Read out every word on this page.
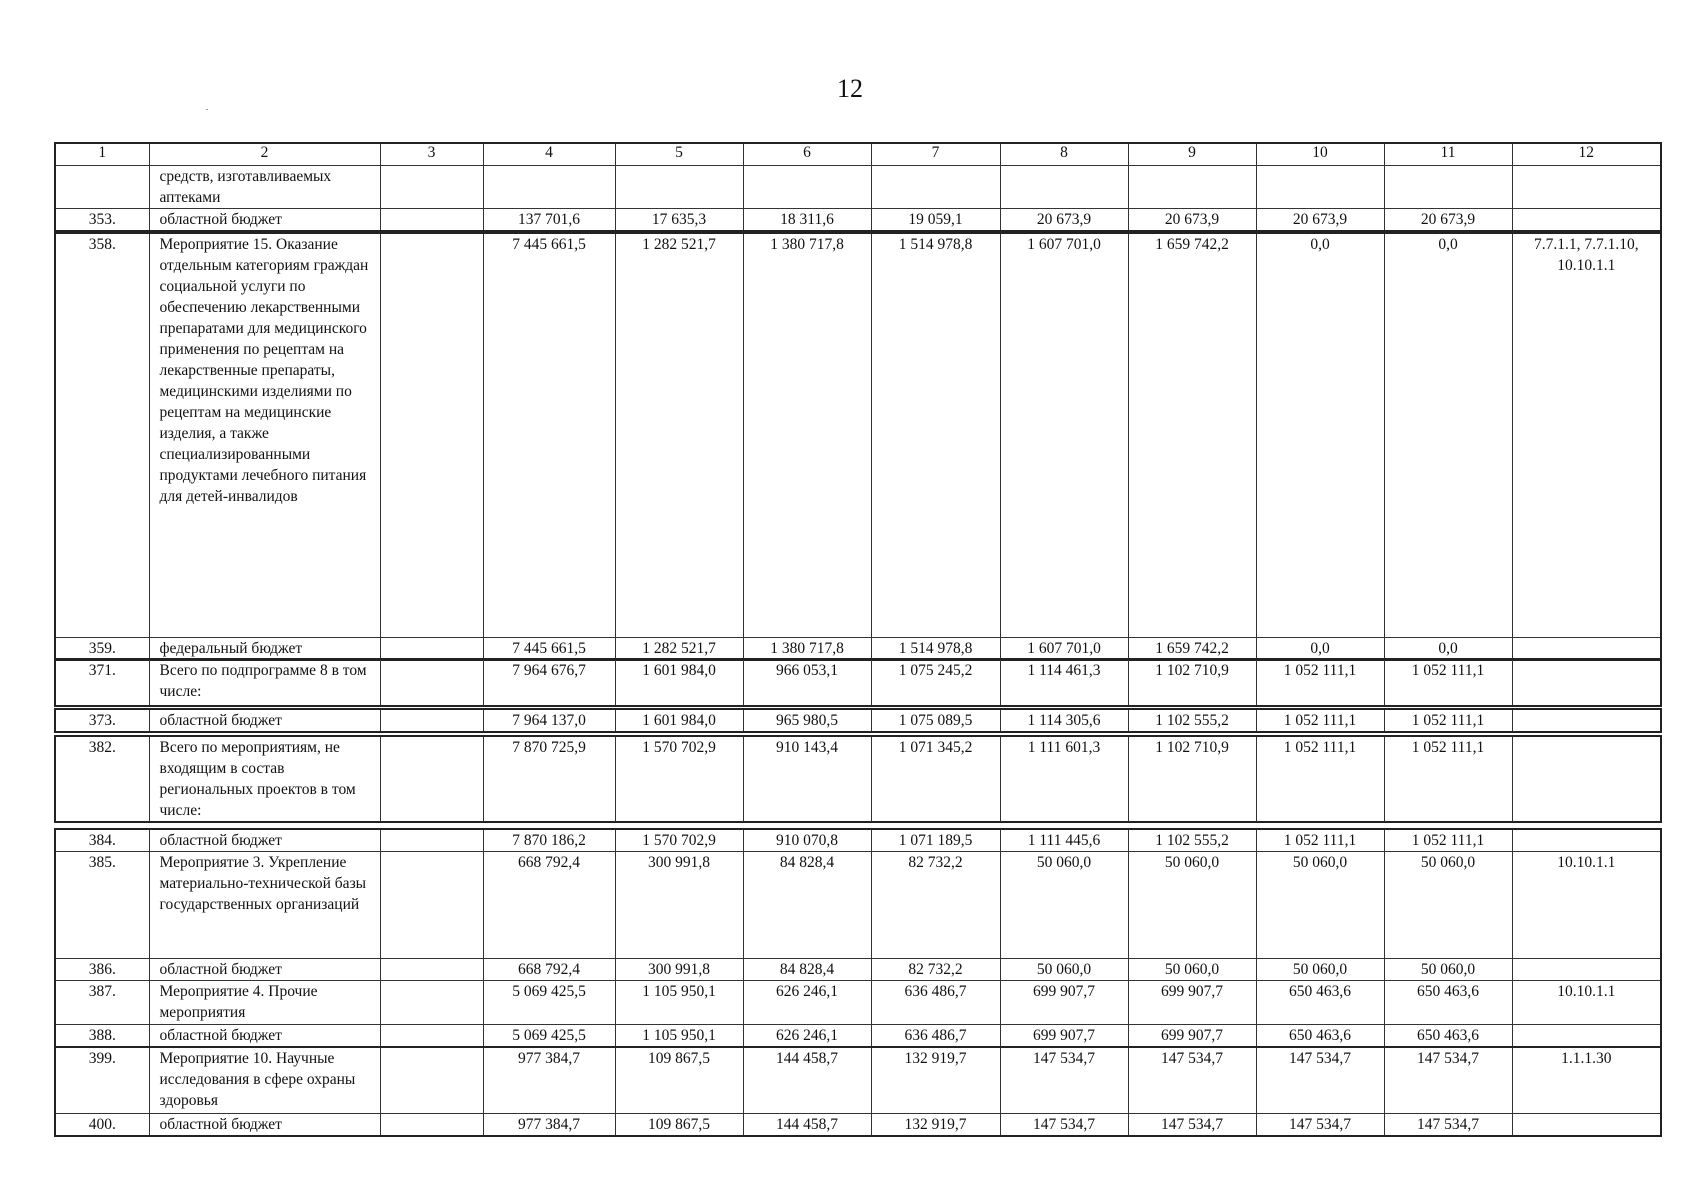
12
1	2	3	4	5	6	7	8	9	10	11	12
	средств, изготавливаемых аптеками										
353.	областной бюджет		137 701,6	17 635,3	18 311,6	19 059,1	20 673,9	20 673,9	20 673,9	20 673,9	
358.	Мероприятие 15. Оказание отдельным категориям граждан социальной услуги по обеспечению лекарственными препаратами для медицинского применения по рецептам на лекарственные препараты, медицинскими изделиями по рецептам на медицинские изделия, а также специализированными продуктами лечебного питания для детей-инвалидов		7 445 661,5	1 282 521,7	1 380 717,8	1 514 978,8	1 607 701,0	1 659 742,2	0,0	0,0	7.7.1.1, 7.7.1.10, 10.10.1.1
359.	федеральный бюджет		7 445 661,5	1 282 521,7	1 380 717,8	1 514 978,8	1 607 701,0	1 659 742,2	0,0	0,0	
371.	Всего по подпрограмме 8 в том числе:		7 964 676,7	1 601 984,0	966 053,1	1 075 245,2	1 114 461,3	1 102 710,9	1 052 111,1	1 052 111,1	
373.	областной бюджет		7 964 137,0	1 601 984,0	965 980,5	1 075 089,5	1 114 305,6	1 102 555,2	1 052 111,1	1 052 111,1	
382.	Всего по мероприятиям, не входящим в состав региональных проектов в том числе:		7 870 725,9	1 570 702,9	910 143,4	1 071 345,2	1 111 601,3	1 102 710,9	1 052 111,1	1 052 111,1	
384.	областной бюджет		7 870 186,2	1 570 702,9	910 070,8	1 071 189,5	1 111 445,6	1 102 555,2	1 052 111,1	1 052 111,1	
385.	Мероприятие 3. Укрепление материально-технической базы государственных организаций		668 792,4	300 991,8	84 828,4	82 732,2	50 060,0	50 060,0	50 060,0	50 060,0	10.10.1.1
386.	областной бюджет		668 792,4	300 991,8	84 828,4	82 732,2	50 060,0	50 060,0	50 060,0	50 060,0	
387.	Мероприятие 4. Прочие мероприятия		5 069 425,5	1 105 950,1	626 246,1	636 486,7	699 907,7	699 907,7	650 463,6	650 463,6	10.10.1.1
388.	областной бюджет		5 069 425,5	1 105 950,1	626 246,1	636 486,7	699 907,7	699 907,7	650 463,6	650 463,6	
399.	Мероприятие 10. Научные исследования в сфере охраны здоровья		977 384,7	109 867,5	144 458,7	132 919,7	147 534,7	147 534,7	147 534,7	147 534,7	1.1.1.30
400.	областной бюджет		977 384,7	109 867,5	144 458,7	132 919,7	147 534,7	147 534,7	147 534,7	147 534,7	
